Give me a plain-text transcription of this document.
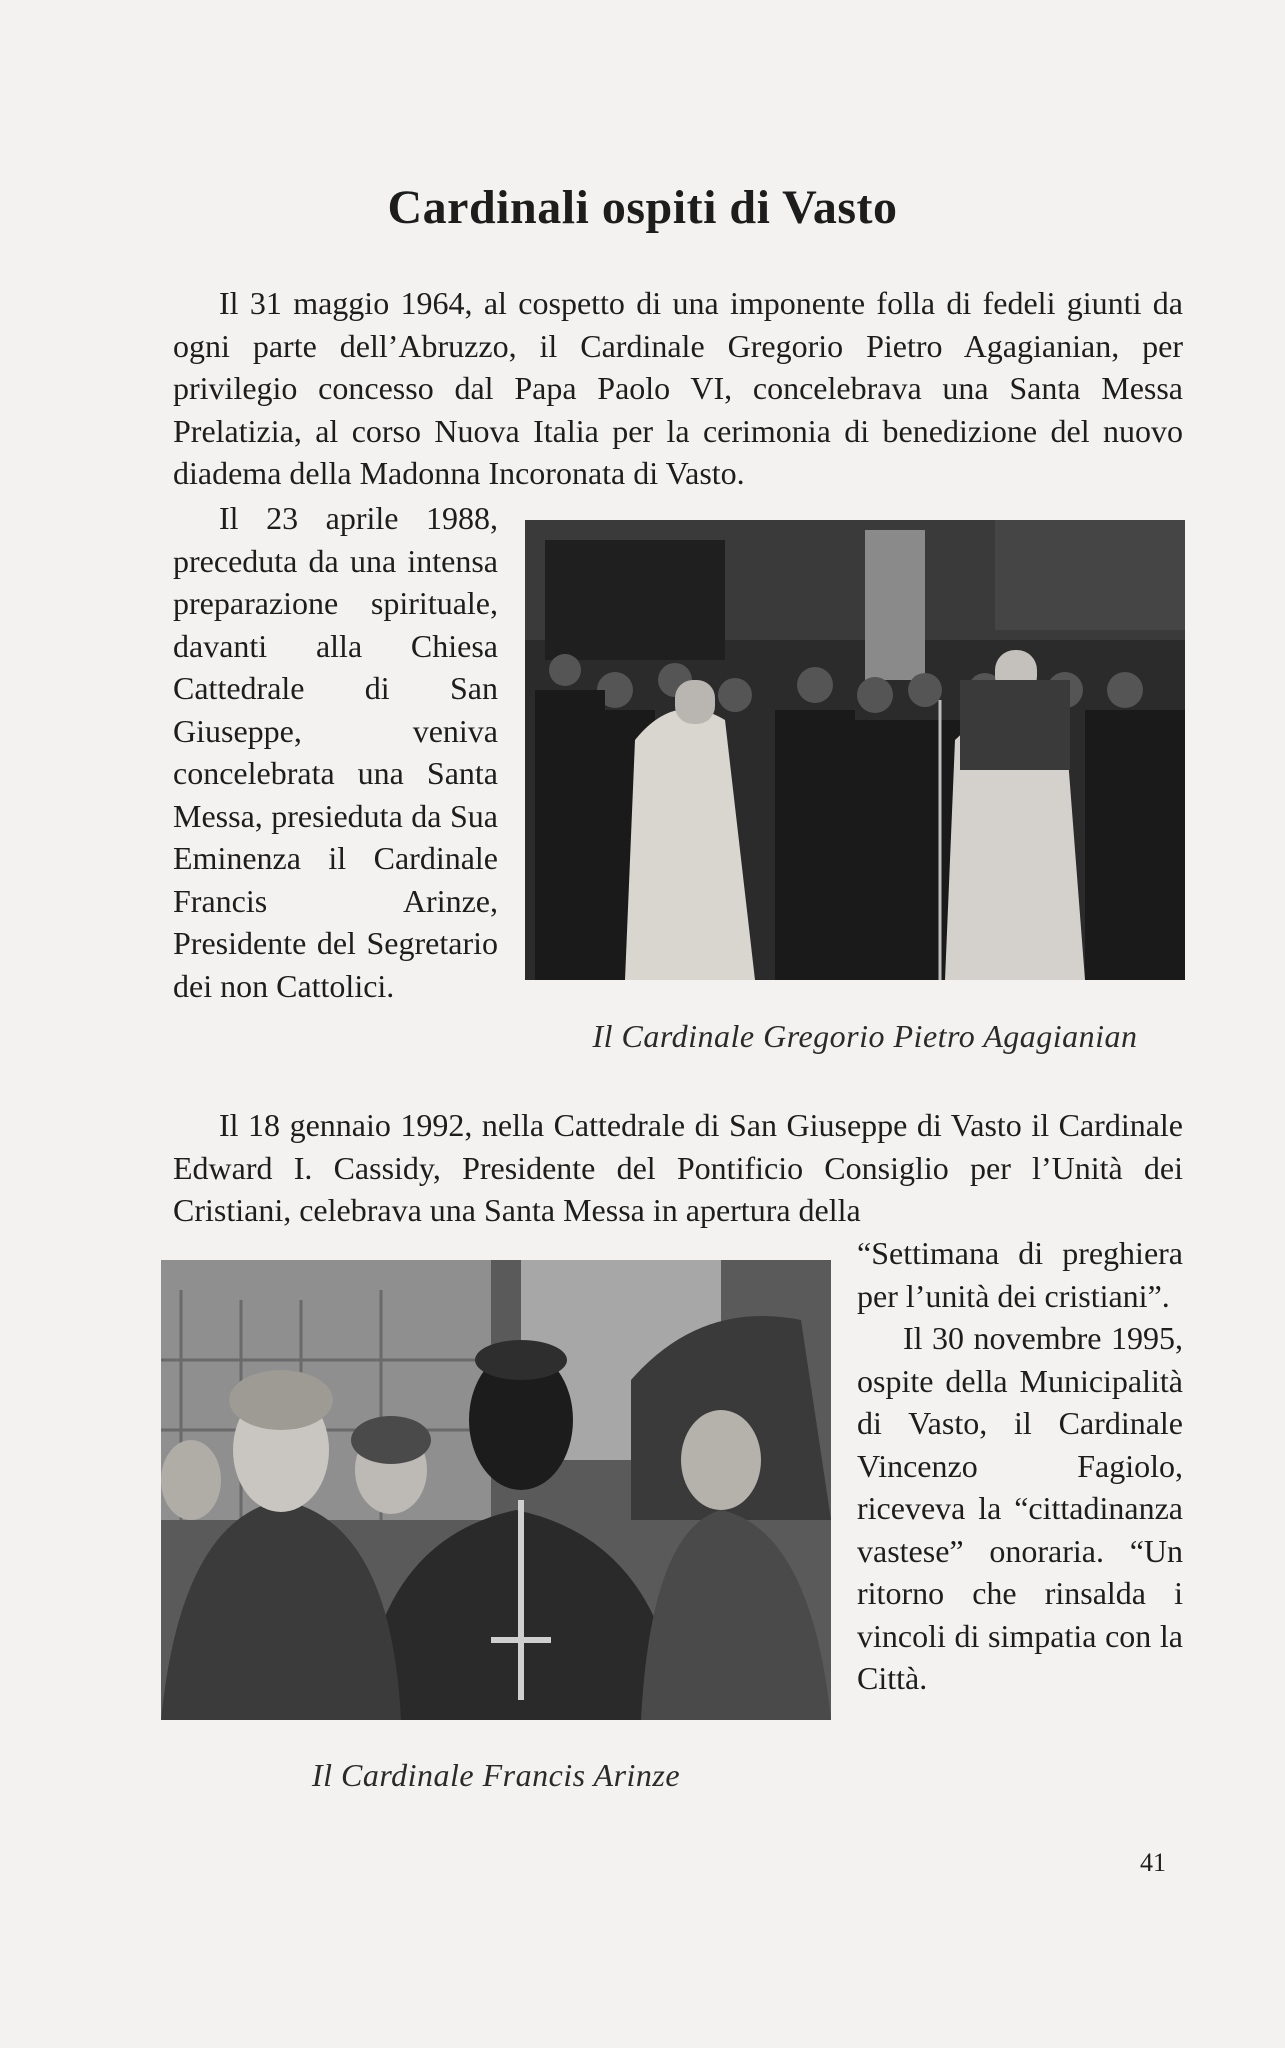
Cardinali ospiti di Vasto
Il 31 maggio 1964, al cospetto di una imponente folla di fedeli giunti da ogni parte dell’Abruzzo, il Cardinale Gregorio Pietro Agagianian, per privilegio concesso dal Papa Paolo VI, concelebrava una Santa Messa Prelatizia, al corso Nuova Italia per la cerimonia di benedizione del nuovo diadema della Madonna Incoronata di Vasto.
Il 23 aprile 1988, preceduta da una intensa preparazione spirituale, davanti alla Chiesa Cattedrale di San Giuseppe, veniva concelebrata una Santa Messa, presieduta da Sua Eminenza il Cardinale Francis Arinze, Presidente del Segretario dei non Cattolici.
Il Cardinale Gregorio Pietro Agagianian
Il 18 gennaio 1992, nella Cattedrale di San Giuseppe di Vasto il Cardinale Edward I. Cassidy, Presidente del Pontificio Consiglio per l’Unità dei Cristiani, celebrava una Santa Messa in apertura della
“Settimana di preghiera per l’unità dei cristiani”.
Il 30 novembre 1995, ospite della Municipalità di Vasto, il Cardinale Vincenzo Fagiolo, riceveva la “cittadinanza vastese” onoraria. “Un ritorno che rinsalda i vincoli di simpatia con la Città.
Il Cardinale Francis Arinze
41
